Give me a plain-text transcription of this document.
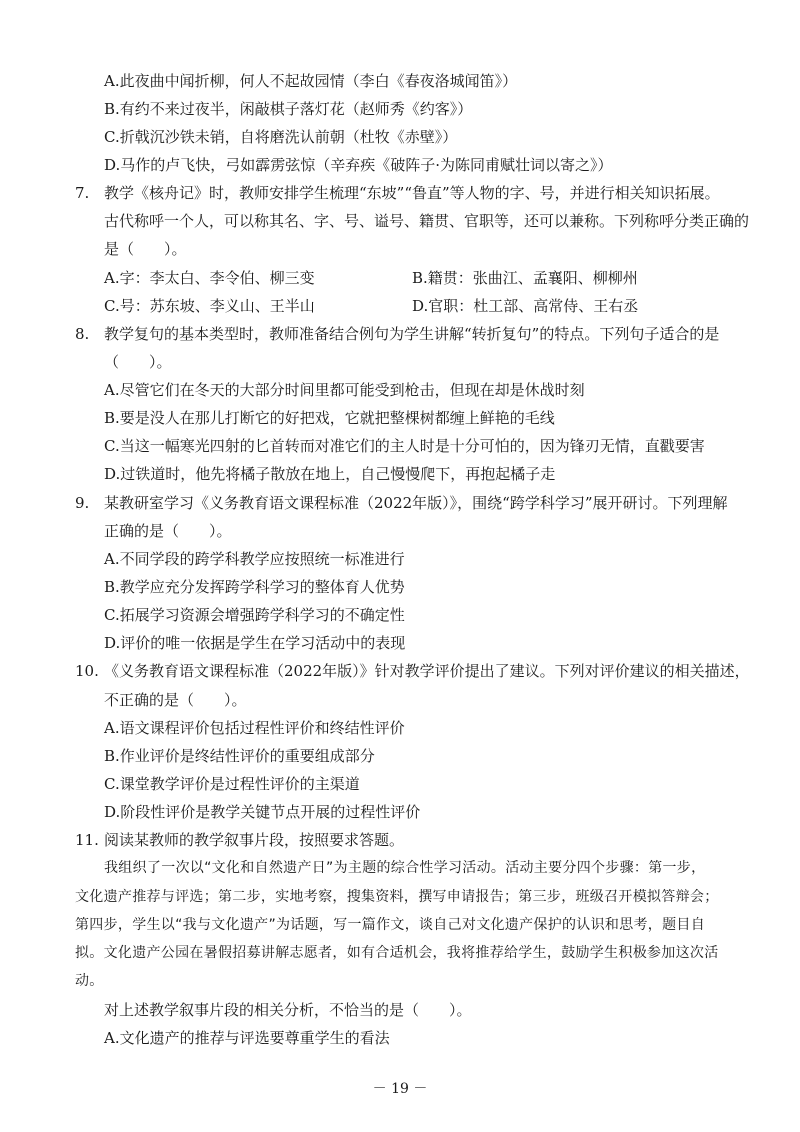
A.此夜曲中闻折柳，何人不起故园情（李白《春夜洛城闻笛》）
B.有约不来过夜半，闲敲棋子落灯花（赵师秀《约客》）
C.折戟沉沙铁未销，自将磨洗认前朝（杜牧《赤壁》）
D.马作的卢飞快，弓如霹雳弦惊（辛弃疾《破阵子·为陈同甫赋壮词以寄之》）
7. 教学《核舟记》时，教师安排学生梳理“东坡”“鲁直”等人物的字、号，并进行相关知识拓展。
古代称呼一个人，可以称其名、字、号、谥号、籍贯、官职等，还可以兼称。下列称呼分类正确的
是（　　）。
A.字：李太白、李令伯、柳三变	B.籍贯：张曲江、孟襄阳、柳柳州
C.号：苏东坡、李义山、王半山	D.官职：杜工部、高常侍、王右丞
8. 教学复句的基本类型时，教师准备结合例句为学生讲解“转折复句”的特点。下列句子适合的是
（　　）。
A.尽管它们在冬天的大部分时间里都可能受到枪击，但现在却是休战时刻
B.要是没人在那儿打断它的好把戏，它就把整棵树都缠上鲜艳的毛线
C.当这一幅寒光四射的匕首转而对准它们的主人时是十分可怕的，因为锋刃无情，直戳要害
D.过铁道时，他先将橘子散放在地上，自己慢慢爬下，再抱起橘子走
9. 某教研室学习《义务教育语文课程标准（2022年版）》，围绕“跨学科学习”展开研讨。下列理解
正确的是（　　）。
A.不同学段的跨学科教学应按照统一标准进行
B.教学应充分发挥跨学科学习的整体育人优势
C.拓展学习资源会增强跨学科学习的不确定性
D.评价的唯一依据是学生在学习活动中的表现
10. 《义务教育语文课程标准（2022年版）》针对教学评价提出了建议。下列对评价建议的相关描述，
不正确的是（　　）。
A.语文课程评价包括过程性评价和终结性评价
B.作业评价是终结性评价的重要组成部分
C.课堂教学评价是过程性评价的主渠道
D.阶段性评价是教学关键节点开展的过程性评价
11. 阅读某教师的教学叙事片段，按照要求答题。
我组织了一次以“文化和自然遗产日”为主题的综合性学习活动。活动主要分四个步骤：第一步，
文化遗产推荐与评选；第二步，实地考察，搜集资料，撰写申请报告；第三步，班级召开模拟答辩会；
第四步，学生以“我与文化遗产”为话题，写一篇作文，谈自己对文化遗产保护的认识和思考，题目自
拟。文化遗产公园在暑假招募讲解志愿者，如有合适机会，我将推荐给学生，鼓励学生积极参加这次活
动。
对上述教学叙事片段的相关分析，不恰当的是（　　）。
A.文化遗产的推荐与评选要尊重学生的看法
－ 19 －
